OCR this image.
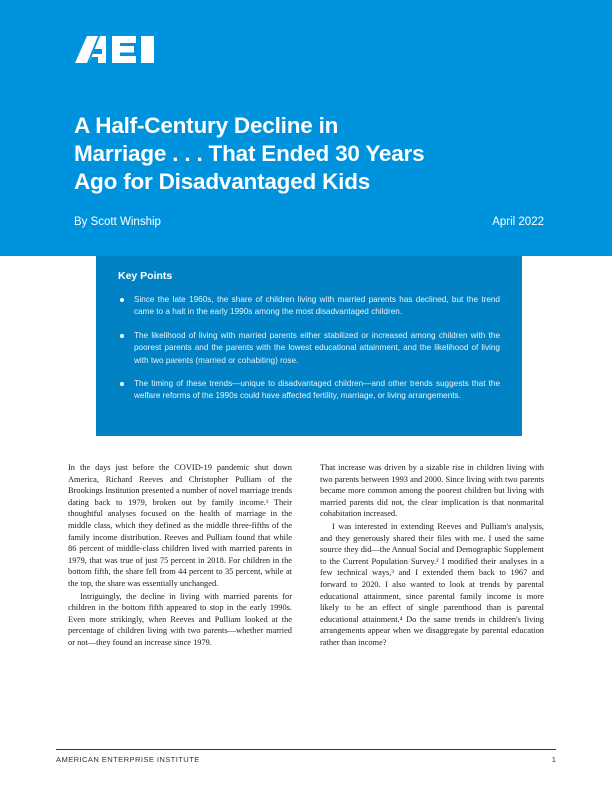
A Half-Century Decline in
Marriage . . . That Ended 30 Years
Ago for Disadvantaged Kids
By Scott Winship	April 2022
Key Points
Since the late 1960s, the share of children living with married parents has declined, but the trend came to a halt in the early 1990s among the most disadvantaged children.
The likelihood of living with married parents either stabilized or increased among children with the poorest parents and the parents with the lowest educational attainment, and the likelihood of living with two parents (married or cohabiting) rose.
The timing of these trends—unique to disadvantaged children—and other trends suggests that the welfare reforms of the 1990s could have affected fertility, marriage, or living arrangements.

In the days just before the COVID-19 pandemic shut down America, Richard Reeves and Christopher Pulliam of the Brookings Institution presented a number of novel marriage trends dating back to 1979, broken out by family income.¹ Their thoughtful analyses focused on the health of marriage in the middle class, which they defined as the middle three-fifths of the family income distribution. Reeves and Pulliam found that while 86 percent of middle-class children lived with married parents in 1979, that was true of just 75 percent in 2018. For children in the bottom fifth, the share fell from 44 percent to 35 percent, while at the top, the share was essentially unchanged.

Intriguingly, the decline in living with married parents for children in the bottom fifth appeared to stop in the early 1990s. Even more strikingly, when Reeves and Pulliam looked at the percentage of children living with two parents—whether married or not—they found an increase since 1979.

That increase was driven by a sizable rise in children living with two parents between 1993 and 2000. Since living with two parents became more common among the poorest children but living with married parents did not, the clear implication is that nonmarital cohabitation increased.

I was interested in extending Reeves and Pulliam's analysis, and they generously shared their files with me. I used the same source they did—the Annual Social and Demographic Supplement to the Current Population Survey.² I modified their analyses in a few technical ways,³ and I extended them back to 1967 and forward to 2020. I also wanted to look at trends by parental educational attainment, since parental family income is more likely to be an effect of single parenthood than is parental educational attainment.⁴ Do the same trends in children's living arrangements appear when we disaggregate by parental education rather than income?

AMERICAN ENTERPRISE INSTITUTE	1
